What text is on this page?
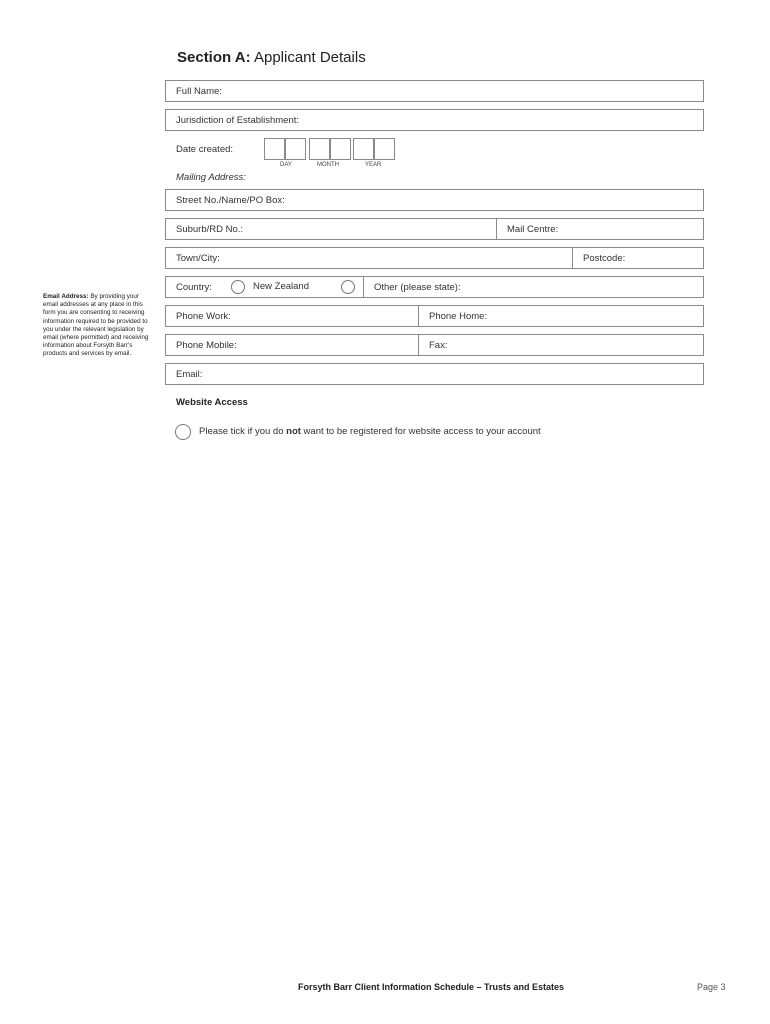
Section A: Applicant Details
Full Name:
Jurisdiction of Establishment:
Date created:
DAY	MONTH	YEAR
Mailing Address:
Street No./Name/PO Box:
Suburb/RD No.:	Mail Centre:
Town/City:	Postcode:
Country:	New Zealand	Other (please state):
Phone Work:	Phone Home:
Phone Mobile:	Fax:
Email:
Email Address: By providing your email addresses at any place in this form you are consenting to receiving information required to be provided to you under the relevant legislation by email (where permitted) and receiving information about Forsyth Barr's products and services by email.
Website Access
Please tick if you do not want to be registered for website access to your account
Forsyth Barr Client Information Schedule – Trusts and Estates	Page 3
